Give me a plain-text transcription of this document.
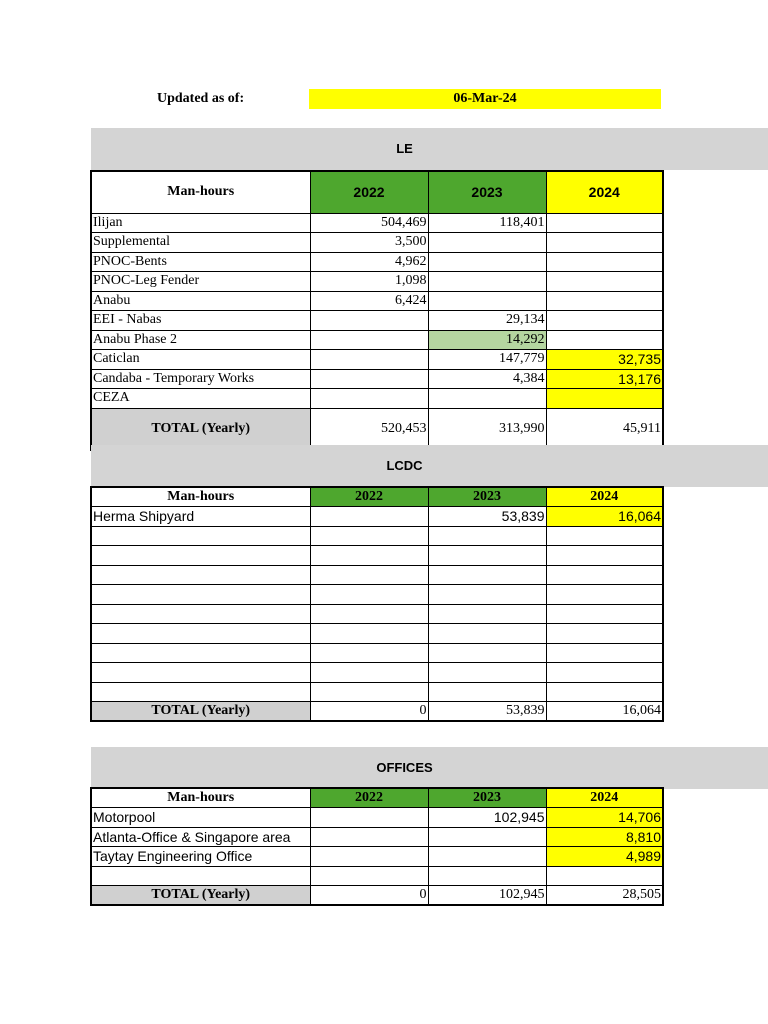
Updated as of:	06-Mar-24
LE
Man-hours	2022	2023	2024
Ilijan	504,469	118,401	
Supplemental	3,500		
PNOC-Bents	4,962		
PNOC-Leg Fender	1,098		
Anabu	6,424		
EEI - Nabas		29,134	
Anabu Phase 2		14,292	
Caticlan		147,779	32,735
Candaba - Temporary Works		4,384	13,176
CEZA			
TOTAL (Yearly)	520,453	313,990	45,911
LCDC
Man-hours	2022	2023	2024
Herma Shipyard		53,839	16,064

TOTAL (Yearly)	0	53,839	16,064
OFFICES
Man-hours	2022	2023	2024
Motorpool		102,945	14,706
Atlanta-Office & Singapore area			8,810
Taytay Engineering Office			4,989

TOTAL (Yearly)	0	102,945	28,505
